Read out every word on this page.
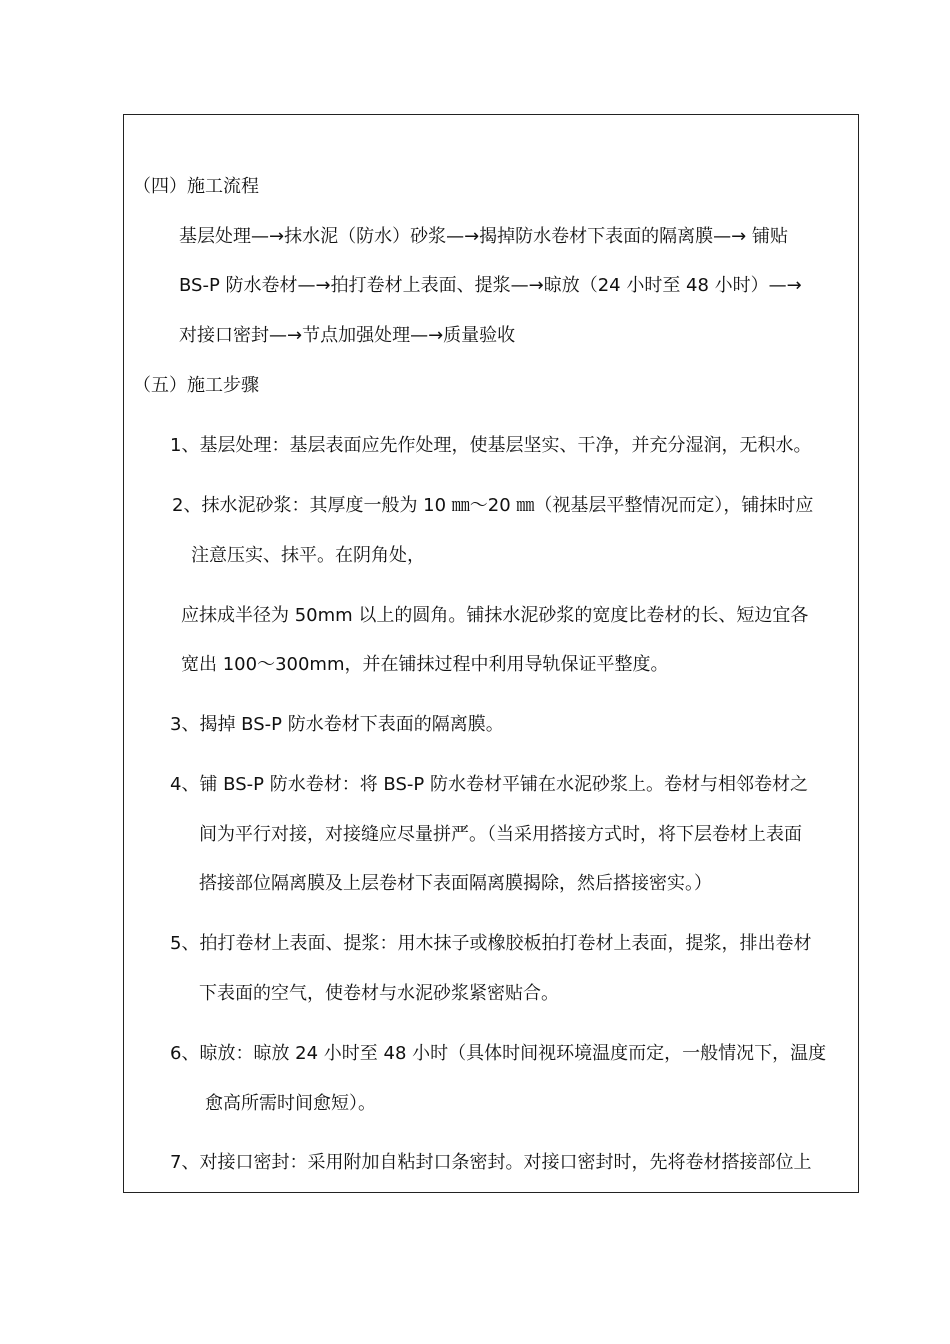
（四）施工流程
基层处理—→抹水泥（防水）砂浆—→揭掉防水卷材下表面的隔离膜—→ 铺贴
BS-P 防水卷材—→拍打卷材上表面、提浆—→晾放（24 小时至 48 小时）—→
对接口密封—→节点加强处理—→质量验收
（五）施工步骤
1、基层处理：基层表面应先作处理，使基层坚实、干净，并充分湿润，无积水。
2、抹水泥砂浆：其厚度一般为 10 ㎜～20 ㎜（视基层平整情况而定），铺抹时应
注意压实、抹平。在阴角处，
应抹成半径为 50mm 以上的圆角。铺抹水泥砂浆的宽度比卷材的长、短边宜各
宽出 100～300mm，并在铺抹过程中利用导轨保证平整度。
3、揭掉 BS-P 防水卷材下表面的隔离膜。
4、铺 BS-P 防水卷材：将 BS-P 防水卷材平铺在水泥砂浆上。卷材与相邻卷材之
间为平行对接，对接缝应尽量拼严。（当采用搭接方式时，将下层卷材上表面
搭接部位隔离膜及上层卷材下表面隔离膜揭除，然后搭接密实。）
5、拍打卷材上表面、提浆：用木抹子或橡胶板拍打卷材上表面，提浆，排出卷材
下表面的空气，使卷材与水泥砂浆紧密贴合。
6、晾放：晾放 24 小时至 48 小时（具体时间视环境温度而定，一般情况下，温度
愈高所需时间愈短）。
7、对接口密封：采用附加自粘封口条密封。对接口密封时，先将卷材搭接部位上
